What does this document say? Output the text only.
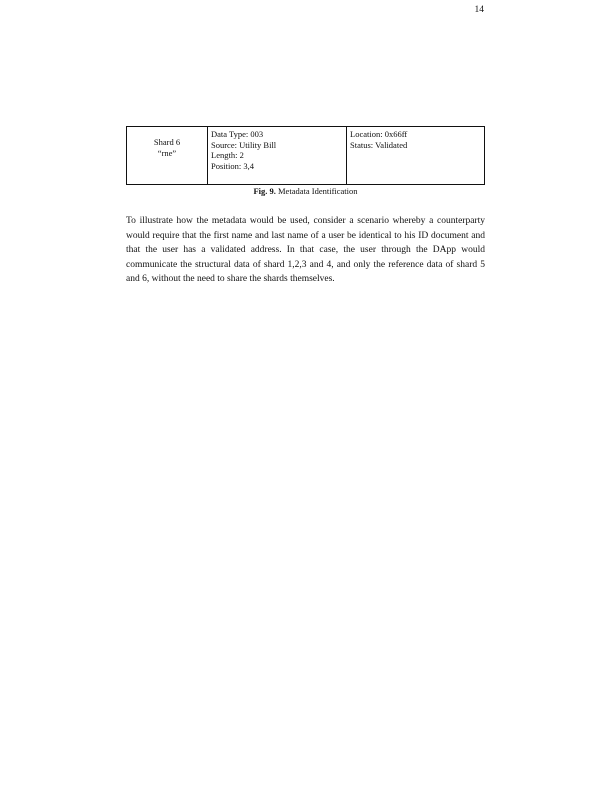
14
Shard 6
“rne”

Data Type: 003
Source: Utility Bill
Length: 2
Position: 3,4

Location: 0x66ff
Status: Validated
Fig. 9. Metadata Identification

To illustrate how the metadata would be used, consider a scenario whereby a counterparty would require that the first name and last name of a user be identical to his ID document and that the user has a validated address. In that case, the user through the DApp would communicate the structural data of shard 1,2,3 and 4, and only the reference data of shard 5 and 6, without the need to share the shards themselves.
